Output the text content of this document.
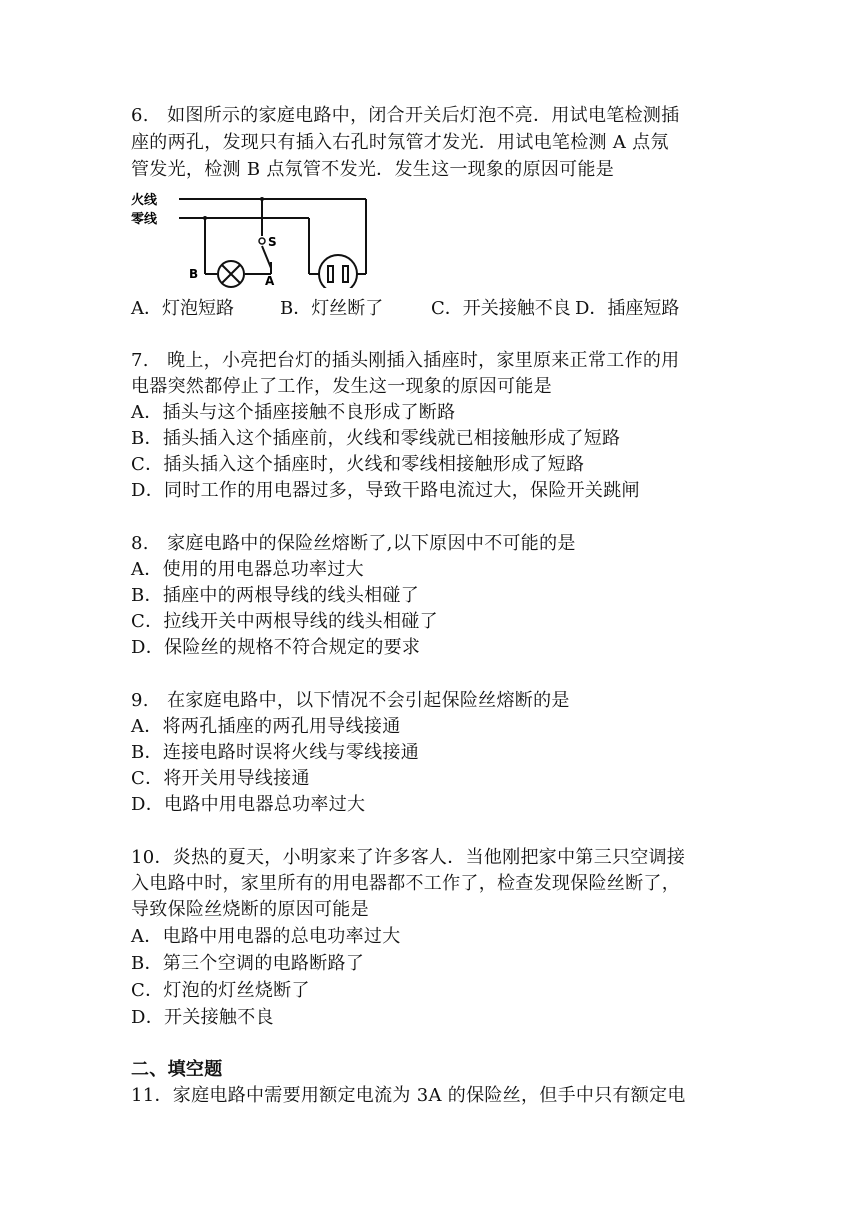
6.　如图所示的家庭电路中，闭合开关后灯泡不亮．用试电笔检测插
座的两孔，发现只有插入右孔时氖管才发光．用试电笔检测 A 点氖
管发光，检测 B 点氖管不发光．发生这一现象的原因可能是
火线
零线
S
A
B
A．灯泡短路	B．灯丝断了	C．开关接触不良 D．插座短路
7.　晚上，小亮把台灯的插头刚插入插座时，家里原来正常工作的用
电器突然都停止了工作，发生这一现象的原因可能是
A．插头与这个插座接触不良形成了断路
B．插头插入这个插座前，火线和零线就已相接触形成了短路
C．插头插入这个插座时，火线和零线相接触形成了短路
D．同时工作的用电器过多，导致干路电流过大，保险开关跳闸
8.　家庭电路中的保险丝熔断了,以下原因中不可能的是
A．使用的用电器总功率过大
B．插座中的两根导线的线头相碰了
C．拉线开关中两根导线的线头相碰了
D．保险丝的规格不符合规定的要求
9.　在家庭电路中，以下情况不会引起保险丝熔断的是
A．将两孔插座的两孔用导线接通
B．连接电路时误将火线与零线接通
C．将开关用导线接通
D．电路中用电器总功率过大
10．炎热的夏天，小明家来了许多客人．当他刚把家中第三只空调接
入电路中时，家里所有的用电器都不工作了，检查发现保险丝断了，
导致保险丝烧断的原因可能是
A．电路中用电器的总电功率过大
B．第三个空调的电路断路了
C．灯泡的灯丝烧断了
D．开关接触不良
二、填空题
11．家庭电路中需要用额定电流为 3A 的保险丝，但手中只有额定电
